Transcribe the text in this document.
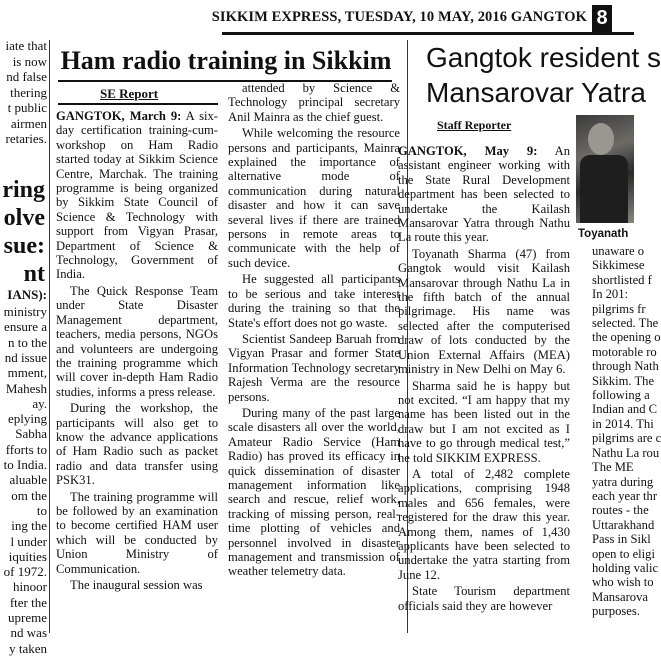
SIKKIM EXPRESS, TUESDAY, 10 MAY, 2016 GANGTOK 8
iate that
is now
nd false
thering
t public
airmen
retaries.
ring
olve
sue:
nt
IANS):
ministry
ensure a
n to the
nd issue
mment,
Mahesh
ay.
eplying
Sabha
fforts to
to India.
aluable
om the
to
ing the
l under
iquities
of 1972.
hinoor
fter the
upreme
nd was
y taken
Ham radio training in Sikkim
SE Report

GANGTOK, March 9: A six-day certification training-cum-workshop on Ham Radio started today at Sikkim Science Centre, Marchak. The training programme is being organized by Sikkim State Council of Science & Technology with support from Vigyan Prasar, Department of Science & Technology, Government of India.

The Quick Response Team under State Disaster Management department, teachers, media persons, NGOs and volunteers are undergoing the training programme which will cover in-depth Ham Radio studies, informs a press release.

During the workshop, the participants will also get to know the advance applications of Ham Radio such as packet radio and data transfer using PSK31.

The training programme will be followed by an examination to become certified HAM user which will be conducted by Union Ministry of Communication.

The inaugural session was

attended by Science & Technology principal secretary Anil Mainra as the chief guest.

While welcoming the resource persons and participants, Mainra explained the importance of alternative mode of communication during natural disaster and how it can save several lives if there are trained persons in remote areas to communicate with the help of such device.

He suggested all participants to be serious and take interest during the training so that the State's effort does not go waste.

Scientist Sandeep Baruah from Vigyan Prasar and former State Information Technology secretary Rajesh Verma are the resource persons.

During many of the past large scale disasters all over the world, Amateur Radio Service (Ham Radio) has proved its efficacy in quick dissemination of disaster management information like search and rescue, relief work, tracking of missing person, real-time plotting of vehicles and personnel involved in disaster management and transmission of weather telemetry data.

Gangtok resident s
Mansarovar Yatra
Staff Reporter

GANGTOK, May 9: An assistant engineer working with the State Rural Development department has been selected to undertake the Kailash Mansarovar Yatra through Nathu La route this year.

Toyanath Sharma (47) from Gangtok would visit Kailash Mansarovar through Nathu La in the fifth batch of the annual pilgrimage. His name was selected after the computerised draw of lots conducted by the Union External Affairs (MEA) ministry in New Delhi on May 6.

Sharma said he is happy but not excited. “I am happy that my name has been listed out in the draw but I am not excited as I have to go through medical test,” he told SIKKIM EXPRESS.

A total of 2,482 complete applications, comprising 1948 males and 656 females, were registered for the draw this year. Among them, names of 1,430 applicants have been selected to undertake the yatra starting from June 12.

State Tourism department officials said they are however

Toyanath
unaware o
Sikkimese
shortlisted f
In 201:
pilgrims fr
selected. The
the opening o
motorable ro
through Nath
Sikkim. The
following a
Indian and C
in 2014. Thi
pilgrims are c
Nathu La rou
The ME
yatra during
each year thr
routes - the
Uttarakhand
Pass in Sikl
open to eligi
holding valic
who wish to
Mansarova
purposes.
